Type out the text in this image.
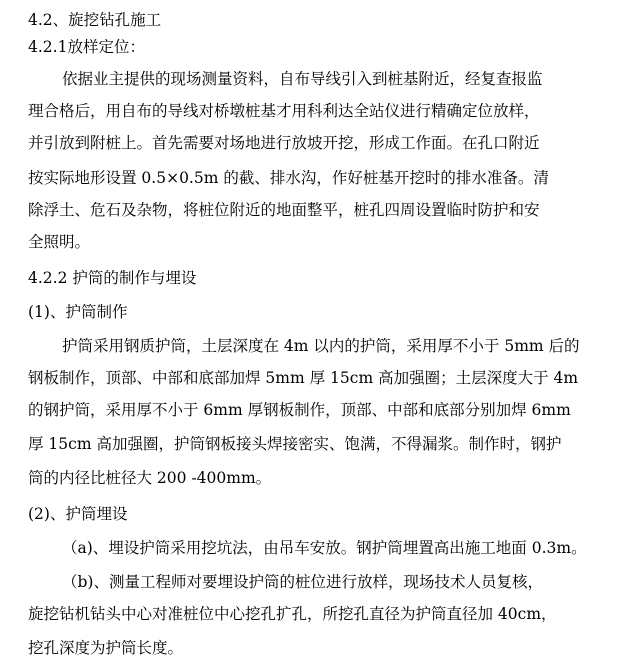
4.2、旋挖钻孔施工
4.2.1放样定位：
依据业主提供的现场测量资料，自布导线引入到桩基附近，经复查报监
理合格后，用自布的导线对桥墩桩基才用科利达全站仪进行精确定位放样，
并引放到附桩上。首先需要对场地进行放坡开挖，形成工作面。在孔口附近
按实际地形设置 0.5×0.5m 的截、排水沟，作好桩基开挖时的排水准备。清
除浮土、危石及杂物，将桩位附近的地面整平，桩孔四周设置临时防护和安
全照明。
4.2.2 护筒的制作与埋设
(1)、护筒制作
护筒采用钢质护筒，土层深度在 4m 以内的护筒，采用厚不小于 5mm 后的
钢板制作，顶部、中部和底部加焊 5mm 厚 15cm 高加强圈；土层深度大于 4m
的钢护筒，采用厚不小于 6mm 厚钢板制作，顶部、中部和底部分别加焊 6mm
厚 15cm 高加强圈，护筒钢板接头焊接密实、饱满，不得漏浆。制作时，钢护
筒的内径比桩径大 200 -400mm。
(2)、护筒埋设
（a)、埋设护筒采用挖坑法，由吊车安放。钢护筒埋置高出施工地面 0.3m。
（b)、测量工程师对要埋设护筒的桩位进行放样，现场技术人员复核，
旋挖钻机钻头中心对准桩位中心挖孔扩孔，所挖孔直径为护筒直径加 40cm，
挖孔深度为护筒长度。
